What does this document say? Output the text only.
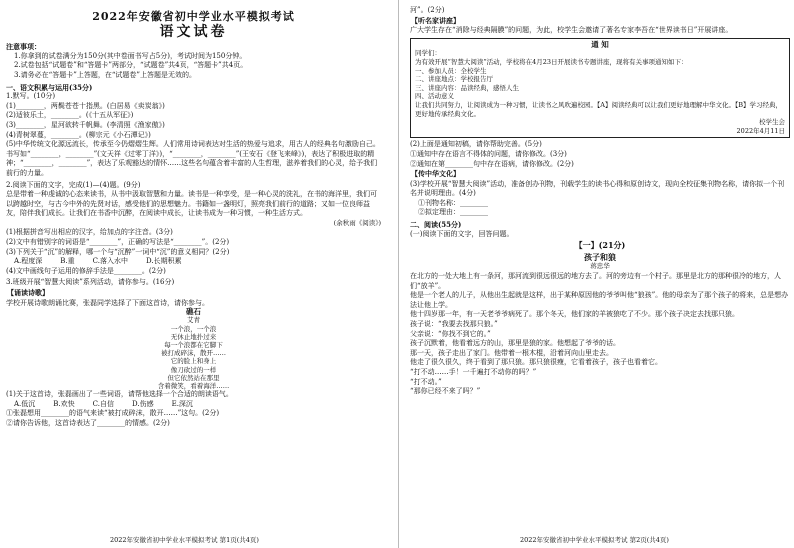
2022年安徽省初中学业水平模拟考试
语文试卷
注意事项：
1.你拿到的试卷满分为150分(其中卷面书写占5分)，考试时间为150分钟。
2.试卷包括“试题卷”和“答题卡”两部分，“试题卷”共4页，“答题卡”共4页。
3.请务必在“答题卡”上答题，在“试题卷”上答题是无效的。
一、语文积累与运用(35分)
1.默写。(10分)
(1)________，两鬓苍苍十指黑。(白居易《卖炭翁》)
(2)适彼乐土，________。(《十五从军征》)
(3)________，星河欲转千帆舞。(李清照《渔家傲》)
(4)青树翠蔓，________。(柳宗元《小石潭记》)
(5)中华传统文化源远流长，传承至今仍熠熠生辉。人们常用诗词表达对生活的热爱与追求，用古人的经典名句激励自己。书写如“________，________”(文天祥《过零丁洋》)，“________，________”(王安石《登飞来峰》)，表达了积极进取的精神；“________，________”，表达了乐观豁达的情怀……这些名句蕴含着丰富的人生哲理，滋养着我们的心灵，给予我们前行的力量。
2.阅读下面的文字，完成(1)—(4)题。(9分)
总是带着一种虔诚的心态来读书，从书中汲取智慧和力量。读书是一种享受，是一种心灵的洗礼，在书的海洋里，我们可以跨越时空，与古今中外的先贤对话，感受他们的思想魅力。书籍如一盏明灯，照亮我们前行的道路；又如一位良师益友，陪伴我们成长。让我们在书香中沉醉，在阅读中成长，让读书成为一种习惯，一种生活方式。
(余秋雨《阅读》)
(1)根据拼音写出相应的汉字，给加点的字注音。(3分)
(2)文中有错别字的词语是“________”，正确的写法是“________”。(2分)
(3)下列关于“沉”的解释，哪一个与“沉醉”一词中“沉”的意义相同？(2分)
A.程度深	B.重	C.落入水中	D.长期积累
(4)文中画线句子运用的修辞手法是________。(2分)
3.班级开展“智慧大阅读”系列活动，请你参与。(16分)
【诵读诗歌】
学校开展诗歌朗诵比赛，张磊同学选择了下面这首诗，请你参与。
礁石
艾青
一个浪，一个浪
无休止地扑过来
每一个浪都在它脚下
被打成碎沫，散开……
它的脸上和身上
像刀砍过的一样
但它依然站在那里
含着微笑，看着海洋……
(1)关于这首诗，张磊画出了一些词语，请帮他选择一个合适的朗读语气。
A.低沉	B.欢快	C.自信	D.伤感	E.深沉
①张磊想用________的语气来读“被打成碎沫，散开……”这句。(2分)
②请你告诉他，这首诗表达了________的情感。(2分)
河”。(2分)
【听名家讲座】
广大学生存在“消除与经典隔膜”的问题，为此，校学生会邀请了著名专家李吾在“世界读书日”开展讲座。
通 知
同学们：
为有效开展“智慧大阅读”活动，学校将在4月23日开展读书专题讲座，现将有关事项通知如下：
一、参加人员：全校学生
二、讲座地点：学校报告厅
三、讲座内容：品读经典，感悟人生
四、活动意义
让我们共同努力，让阅读成为一种习惯，让读书之风吹遍校园。【A】阅读经典可以让我们更好地理解中华文化。【B】学习经典，更好地传承经典文化。
校学生会
2022年4月11日
(2)上面是通知初稿，请你帮助完善。(5分)
①通知中存在语言不得体的问题，请你修改。(3分)
②通知在第________句中存在语病，请你修改。(2分)
【传中华文化】
(3)学校开展“智慧大阅读”活动，准备创办刊物，刊载学生的读书心得和原创诗文，现向全校征集刊物名称，请你拟一个刊名并说明理由。(4分)
①刊物名称：________
②拟定理由：________
二、阅读(55分)
(一)阅读下面的文字，回答问题。
【一】(21分)
孩子和狼
蒋忠华
在北方的一处大地上有一条河，那河流到很远很远的地方去了。河的旁边有一个村子。那里是北方的那种很冷的地方，人们“放羊”。
他是一个老人的儿子，从他出生起就是这样，出于某种原因他的爷爷叫他“狼孩”。他的母亲为了那个孩子的将来，总是想办法让他上学。
他十四岁那一年，有一天老爷爷病死了。那个冬天，他们家的羊被狼吃了不少。那个孩子决定去找那只狼。
孩子说：“我要去找那只狼。”
父亲说：“你找不到它的。”
孩子沉默着，他看着远方的山，那里是狼的家。他想起了爷爷的话。
那一天，孩子走出了家门。他带着一根木棍，沿着河向山里走去。
他走了很久很久，终于看到了那只狼。那只狼很瘦，它看着孩子，孩子也看着它。
“打不动……手！一千遍打不动你的吗？”
“打不动。”
“那你已经不来了吗？”
2022年安徽省初中学业水平模拟考试 第1页(共4页)	2022年安徽省初中学业水平模拟考试 第2页(共4页)
